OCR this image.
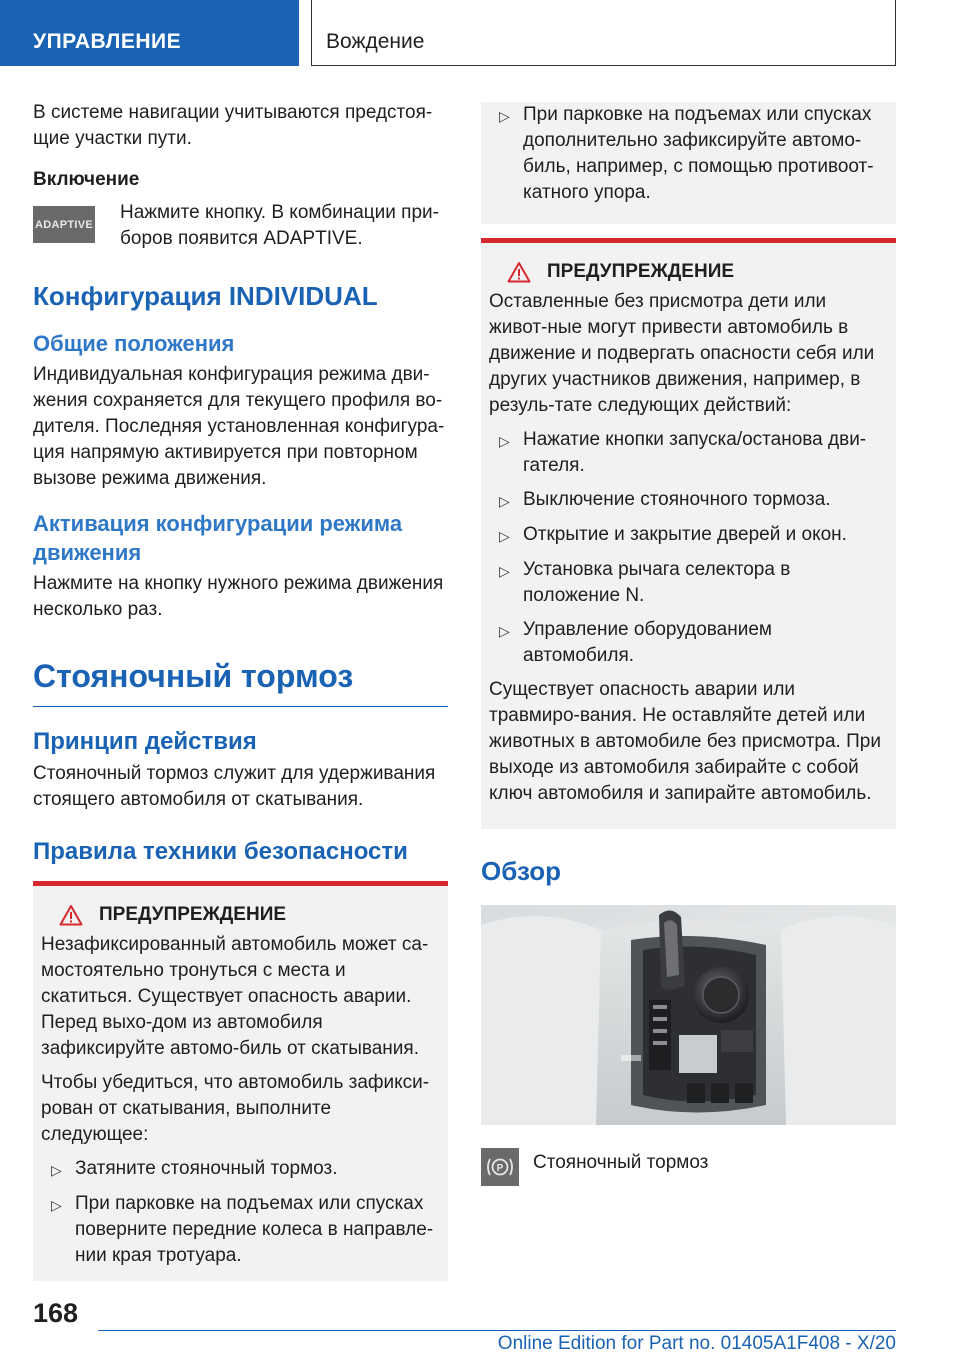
УПРАВЛЕНИЕ	Вождение

В системе навигации учитываются предстоя-щие участки пути.

Включение
ADAPTIVE
Нажмите кнопку. В комбинации при-боров появится ADAPTIVE.
Конфигурация INDIVIDUAL
Общие положения

Индивидуальная конфигурация режима дви-жения сохраняется для текущего профиля во-дителя. Последняя установленная конфигура-ция напрямую активируется при повторном вызове режима движения.

Активация конфигурации режима движения

Нажмите на кнопку нужного режима движения несколько раз.

Стояночный тормоз
Принцип действия

Стояночный тормоз служит для удерживания стоящего автомобиля от скатывания.

Правила техники безопасности
ПРЕДУПРЕЖДЕНИЕ

Незафиксированный автомобиль может са-мостоятельно тронуться с места и скатиться. Существует опасность аварии. Перед выхо-дом из автомобиля зафиксируйте автомо-биль от скатывания.

Чтобы убедиться, что автомобиль зафикси-рован от скатывания, выполните следующее:

▷ Затяните стояночный тормоз.
▷ При парковке на подъемах или спусках поверните передние колеса в направле-нии края тротуара.
▷ При парковке на подъемах или спусках дополнительно зафиксируйте автомо-биль, например, с помощью противоот-катного упора.
ПРЕДУПРЕЖДЕНИЕ

Оставленные без присмотра дети или живот-ные могут привести автомобиль в движение и подвергать опасности себя или других участников движения, например, в резуль-тате следующих действий:

▷ Нажатие кнопки запуска/останова дви-гателя.
▷ Выключение стояночного тормоза.
▷ Открытие и закрытие дверей и окон.
▷ Установка рычага селектора в положение N.
▷ Управление оборудованием автомобиля.

Существует опасность аварии или травмиро-вания. Не оставляйте детей или животных в автомобиле без присмотра. При выходе из автомобиля забирайте с собой ключ автомобиля и запирайте автомобиль.

Обзор
P Стояночный тормоз
168
Online Edition for Part no. 01405A1F408 - X/20
